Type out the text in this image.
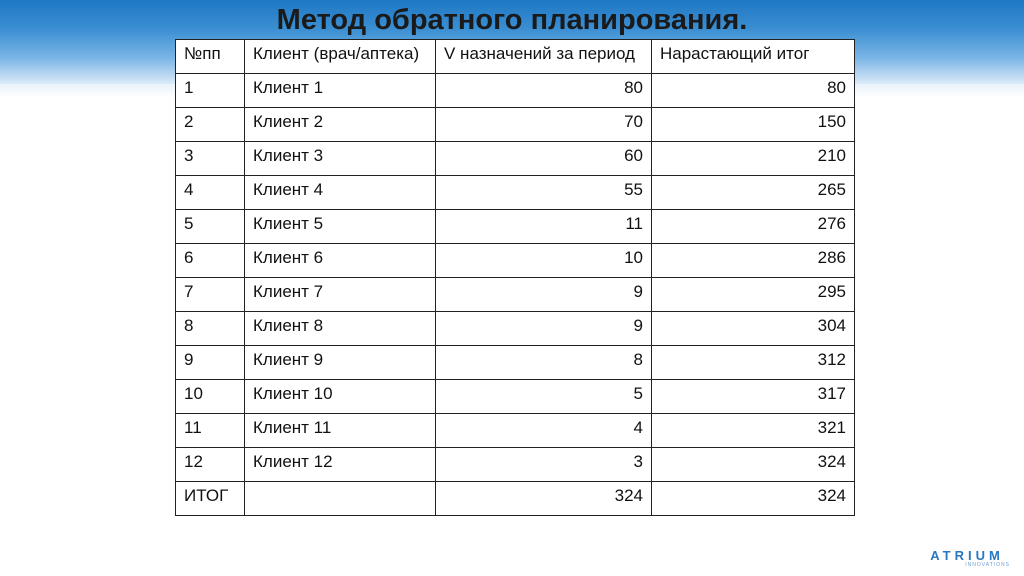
Метод обратного планирования.
№пп	Клиент (врач/аптека)	V назначений за период	Нарастающий итог
1	Клиент 1	80	80
2	Клиент 2	70	150
3	Клиент 3	60	210
4	Клиент 4	55	265
5	Клиент 5	11	276
6	Клиент 6	10	286
7	Клиент 7	9	295
8	Клиент 8	9	304
9	Клиент 9	8	312
10	Клиент 10	5	317
11	Клиент 11	4	321
12	Клиент 12	3	324
ИТОГ		324	324
ATRIUM
INNOVATIONS
